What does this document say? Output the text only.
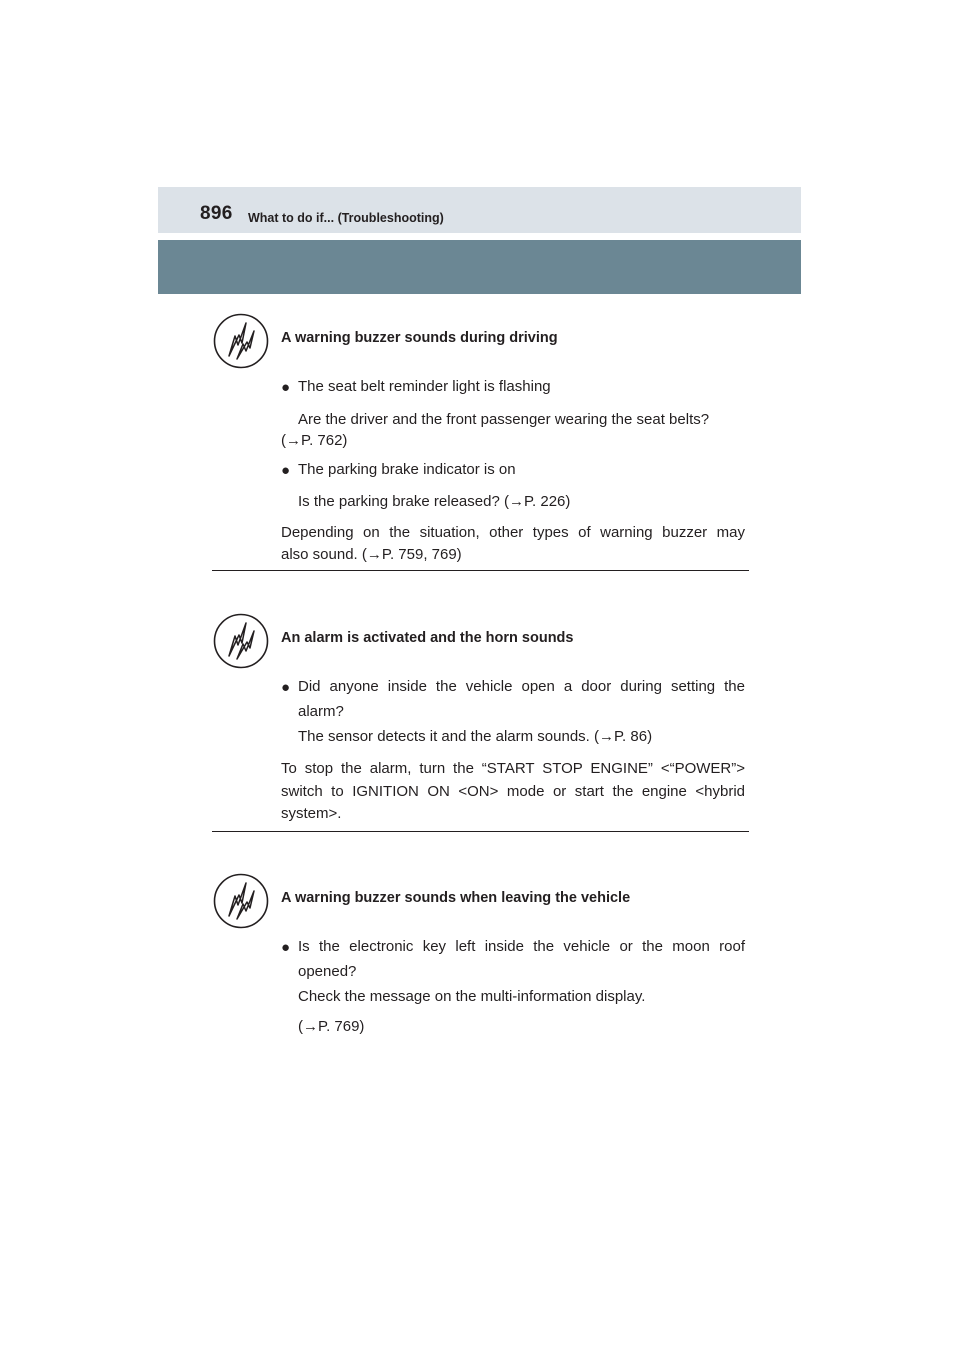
896 What to do if... (Troubleshooting)
A warning buzzer sounds during driving
● The seat belt reminder light is flashing
Are the driver and the front passenger wearing the seat belts?
(→P. 762)
● The parking brake indicator is on
Is the parking brake released? (→P. 226)
Depending on the situation, other types of warning buzzer may
also sound. (→P. 759, 769)
An alarm is activated and the horn sounds
● Did anyone inside the vehicle open a door during setting the
alarm?
The sensor detects it and the alarm sounds. (→P. 86)
To stop the alarm, turn the “START STOP ENGINE” <“POWER”>
switch to IGNITION ON <ON> mode or start the engine <hybrid
system>.
A warning buzzer sounds when leaving the vehicle
● Is the electronic key left inside the vehicle or the moon roof
opened?
Check the message on the multi-information display.
(→P. 769)
